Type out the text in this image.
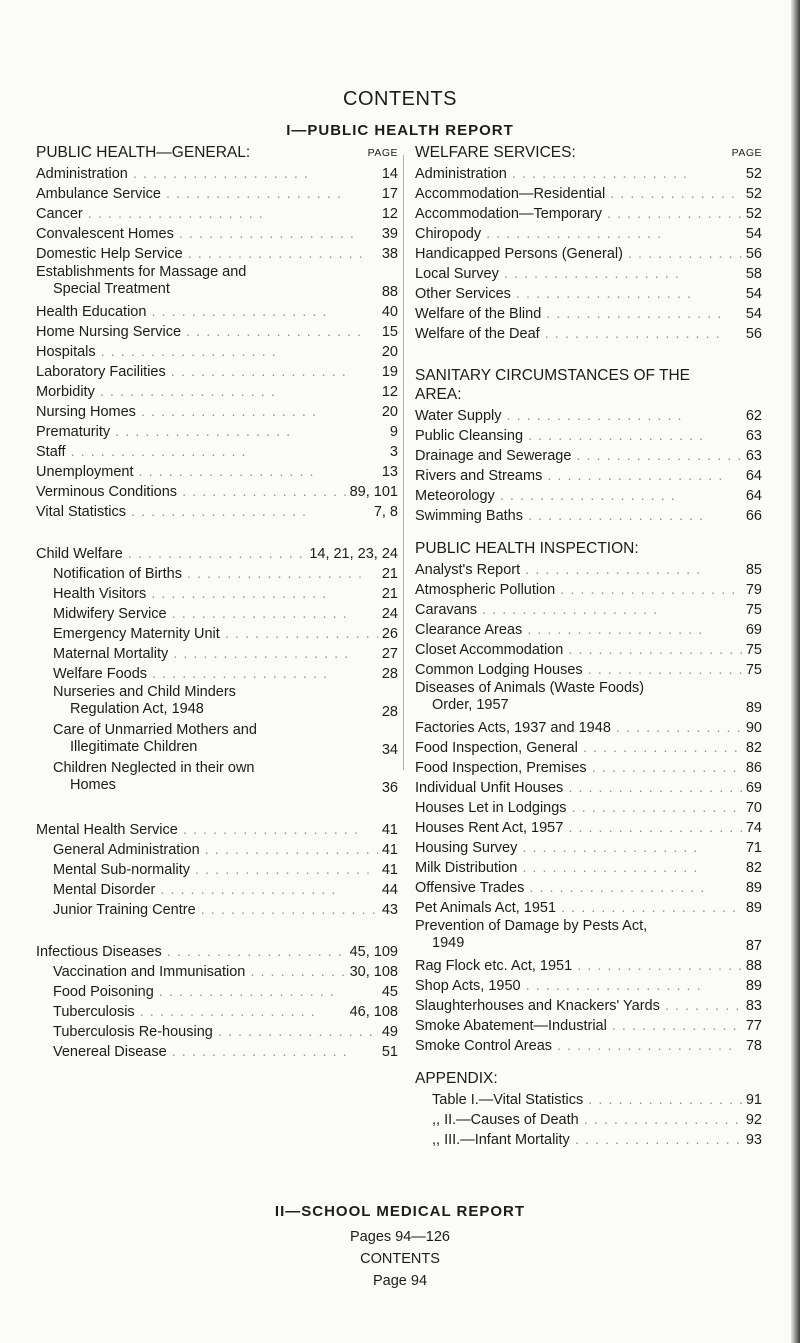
CONTENTS
I—PUBLIC HEALTH REPORT
PUBLIC HEALTH—GENERAL:	PAGE
Administration . .	14
Ambulance Service . .	17
Cancer . .	12
Convalescent Homes . .	39
Domestic Help Service . .	38
Establishments for Massage and
Special Treatment	88
Health Education . .	40
Home Nursing Service . .	15
Hospitals . .	20
Laboratory Facilities . .	19
Morbidity . .	12
Nursing Homes . .	20
Prematurity . .	9
Staff . .	3
Unemployment . .	13
Verminous Conditions . .	89, 101
Vital Statistics . .	7, 8
Child Welfare . .	14, 21, 23, 24
Notification of Births . .	21
Health Visitors . .	21
Midwifery Service . .	24
Emergency Maternity Unit . .	26
Maternal Mortality . .	27
Welfare Foods . .	28
Nurseries and Child Minders
Regulation Act, 1948	28
Care of Unmarried Mothers and
Illegitimate Children	34
Children Neglected in their own
Homes	36
Mental Health Service . .	41
General Administration . .	41
Mental Sub-normality . .	41
Mental Disorder . .	44
Junior Training Centre . .	43
Infectious Diseases . .	45, 109
Vaccination and Immunisation . .	30, 108
Food Poisoning . .	45
Tuberculosis . .	46, 108
Tuberculosis Re-housing . .	49
Venereal Disease . .	51
WELFARE SERVICES:	PAGE
Administration . .	52
Accommodation—Residential . .	52
Accommodation—Temporary . .	52
Chiropody . .	54
Handicapped Persons (General) . .	56
Local Survey . .	58
Other Services . .	54
Welfare of the Blind . .	54
Welfare of the Deaf . .	56
SANITARY CIRCUMSTANCES OF THE
AREA:
Water Supply . .	62
Public Cleansing . .	63
Drainage and Sewerage . .	63
Rivers and Streams . .	64
Meteorology . .	64
Swimming Baths . .	66
PUBLIC HEALTH INSPECTION:
Analyst's Report . .	85
Atmospheric Pollution . .	79
Caravans . .	75
Clearance Areas . .	69
Closet Accommodation . .	75
Common Lodging Houses . .	75
Diseases of Animals (Waste Foods)
Order, 1957	89
Factories Acts, 1937 and 1948 . .	90
Food Inspection, General . .	82
Food Inspection, Premises . .	86
Individual Unfit Houses . .	69
Houses Let in Lodgings . .	70
Houses Rent Act, 1957 . .	74
Housing Survey . .	71
Milk Distribution . .	82
Offensive Trades . .	89
Pet Animals Act, 1951 . .	89
Prevention of Damage by Pests Act,
1949	87
Rag Flock etc. Act, 1951 . .	88
Shop Acts, 1950 . .	89
Slaughterhouses and Knackers' Yards . .	83
Smoke Abatement—Industrial . .	77
Smoke Control Areas . .	78
APPENDIX:
Table I.—Vital Statistics . .	91
,, II.—Causes of Death . .	92
,, III.—Infant Mortality . .	93
II—SCHOOL MEDICAL REPORT
Pages 94—126
CONTENTS
Page 94
